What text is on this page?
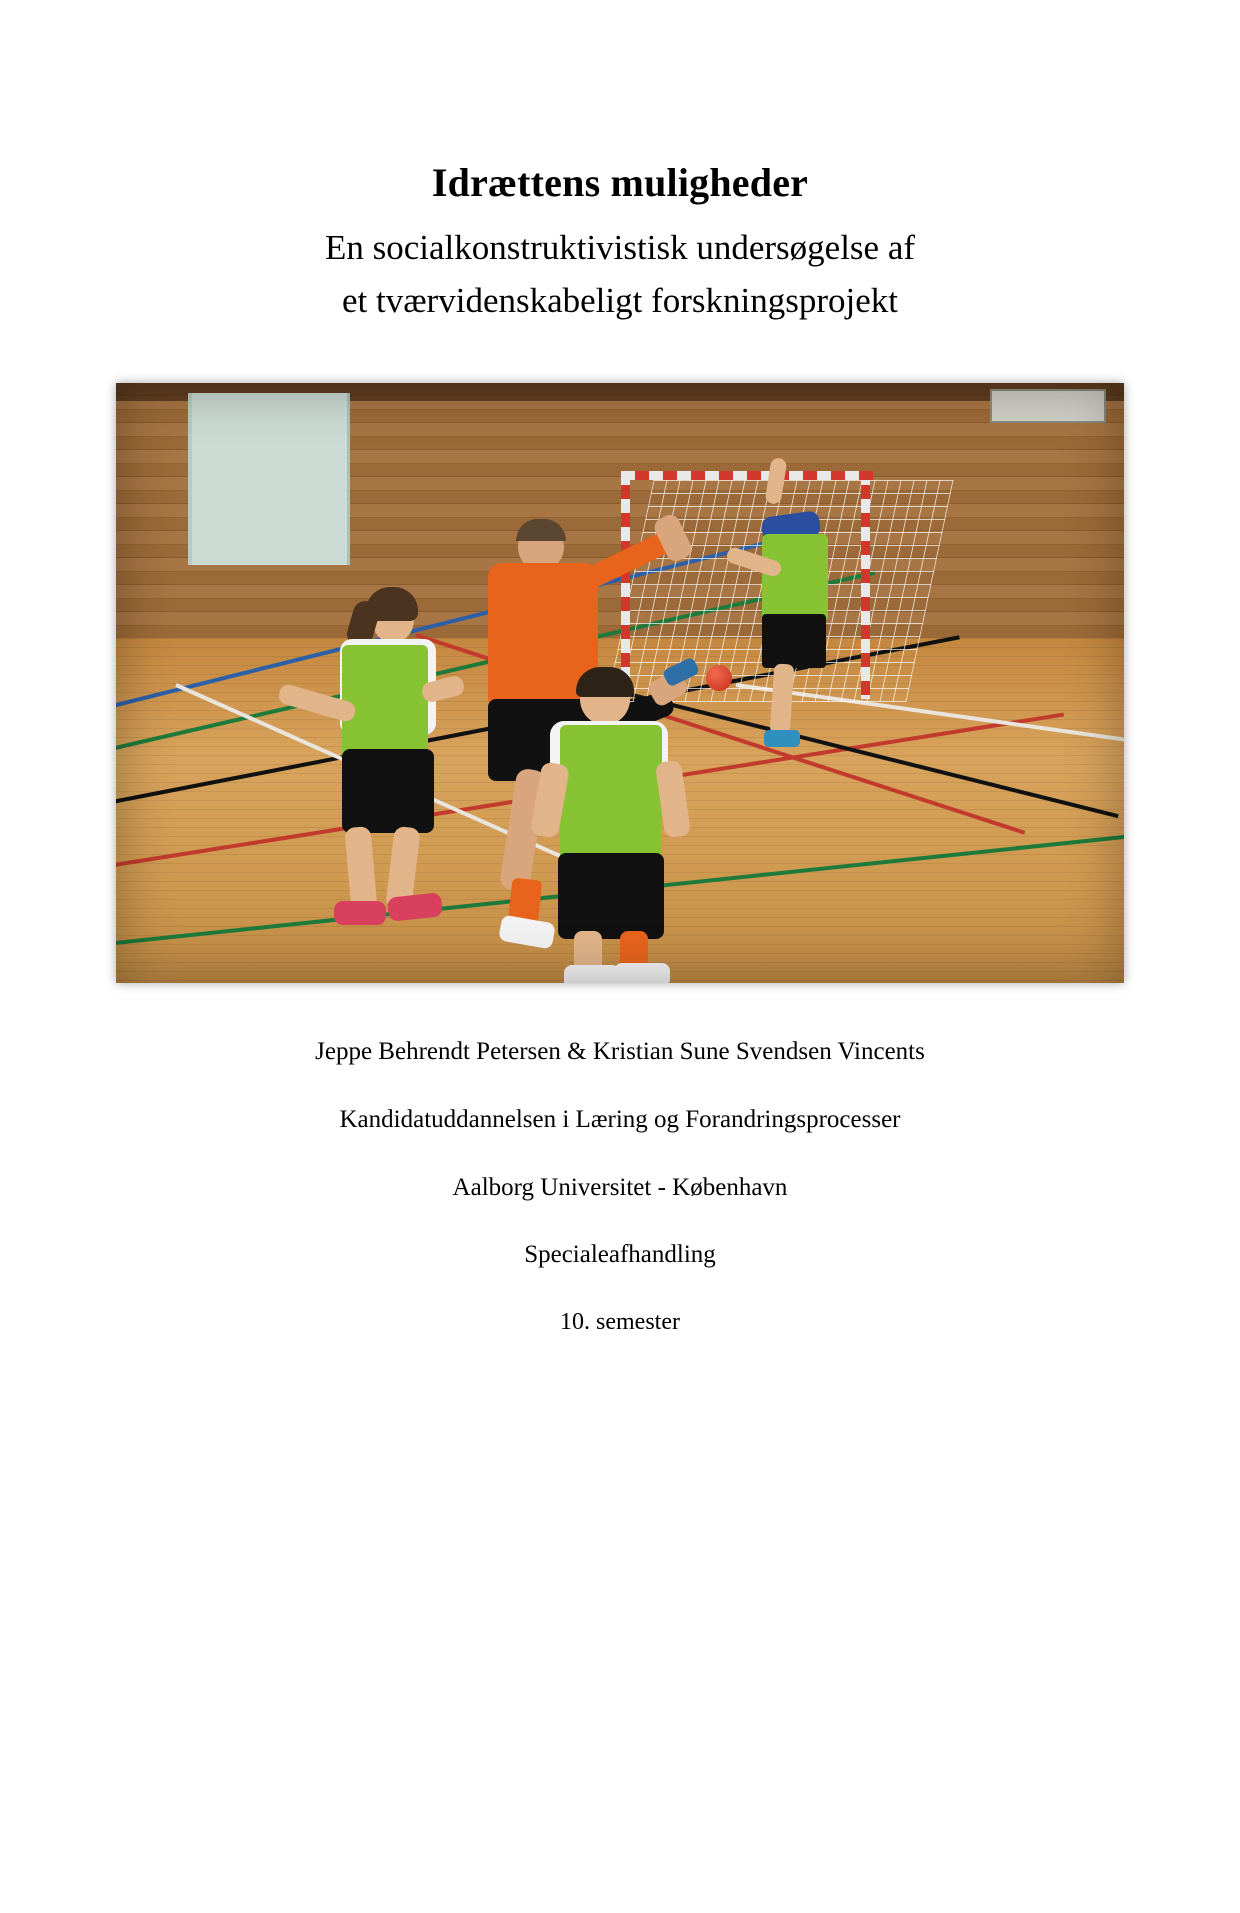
Idrættens muligheder

En socialkonstruktivistisk undersøgelse af

et tværvidenskabeligt forskningsprojekt

Jeppe Behrendt Petersen & Kristian Sune Svendsen Vincents

Kandidatuddannelsen i Læring og Forandringsprocesser

Aalborg Universitet - København

Specialeafhandling

10. semester
